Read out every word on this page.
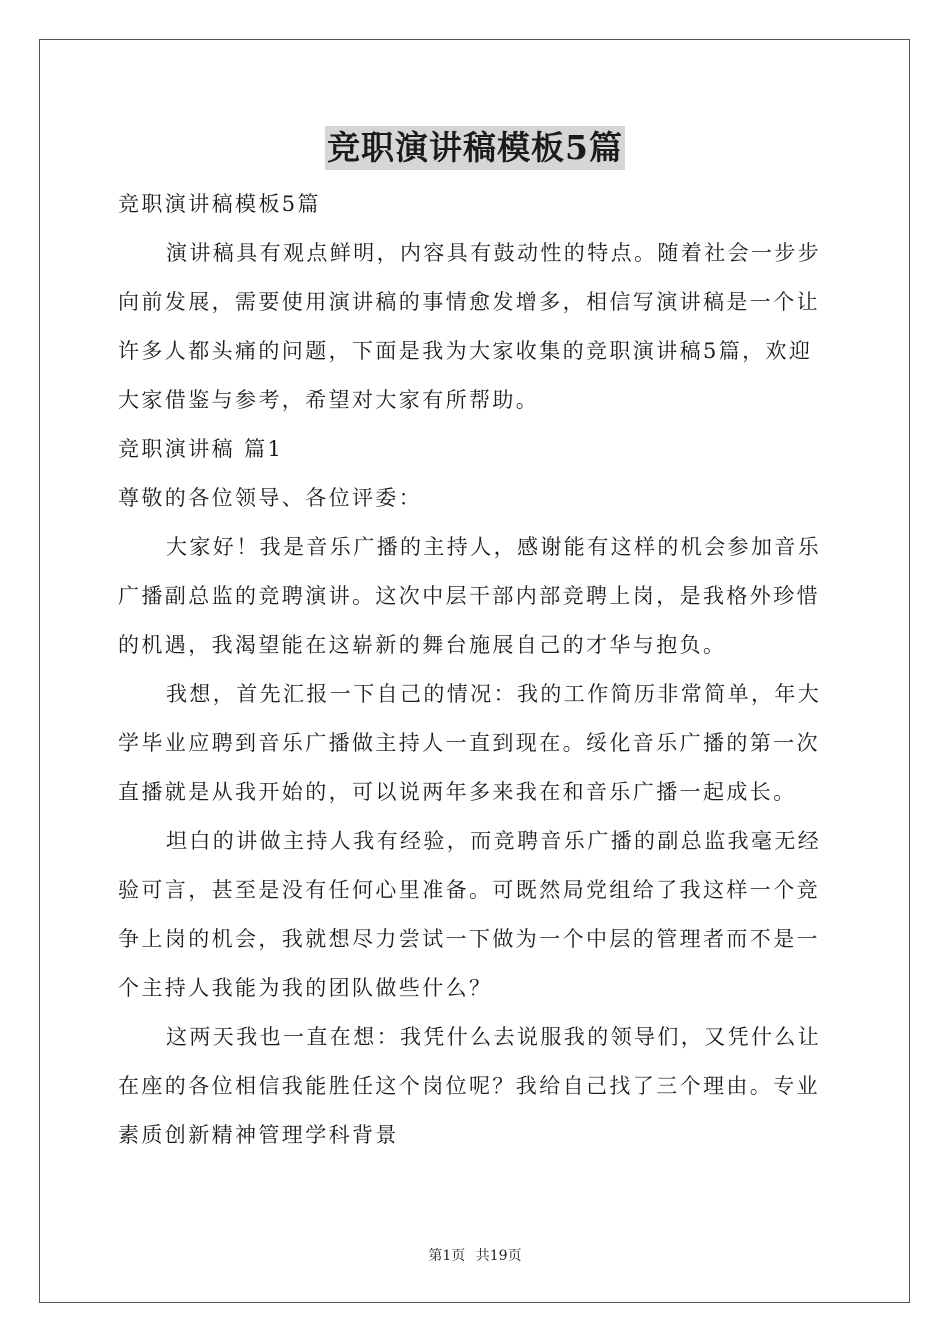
竞职演讲稿模板5篇

竞职演讲稿模板5篇

演讲稿具有观点鲜明，内容具有鼓动性的特点。随着社会一步步

向前发展，需要使用演讲稿的事情愈发增多，相信写演讲稿是一个让

许多人都头痛的问题，下面是我为大家收集的竞职演讲稿5篇，欢迎

大家借鉴与参考，希望对大家有所帮助。

竞职演讲稿 篇1

尊敬的各位领导、各位评委：

大家好！我是音乐广播的主持人，感谢能有这样的机会参加音乐

广播副总监的竞聘演讲。这次中层干部内部竞聘上岗，是我格外珍惜

的机遇，我渴望能在这崭新的舞台施展自己的才华与抱负。

我想，首先汇报一下自己的情况：我的工作简历非常简单，年大

学毕业应聘到音乐广播做主持人一直到现在。绥化音乐广播的第一次

直播就是从我开始的，可以说两年多来我在和音乐广播一起成长。

坦白的讲做主持人我有经验，而竞聘音乐广播的副总监我毫无经

验可言，甚至是没有任何心里准备。可既然局党组给了我这样一个竞

争上岗的机会，我就想尽力尝试一下做为一个中层的管理者而不是一

个主持人我能为我的团队做些什么？

这两天我也一直在想：我凭什么去说服我的领导们，又凭什么让

在座的各位相信我能胜任这个岗位呢？我给自己找了三个理由。专业

素质创新精神管理学科背景

第1页 共19页
